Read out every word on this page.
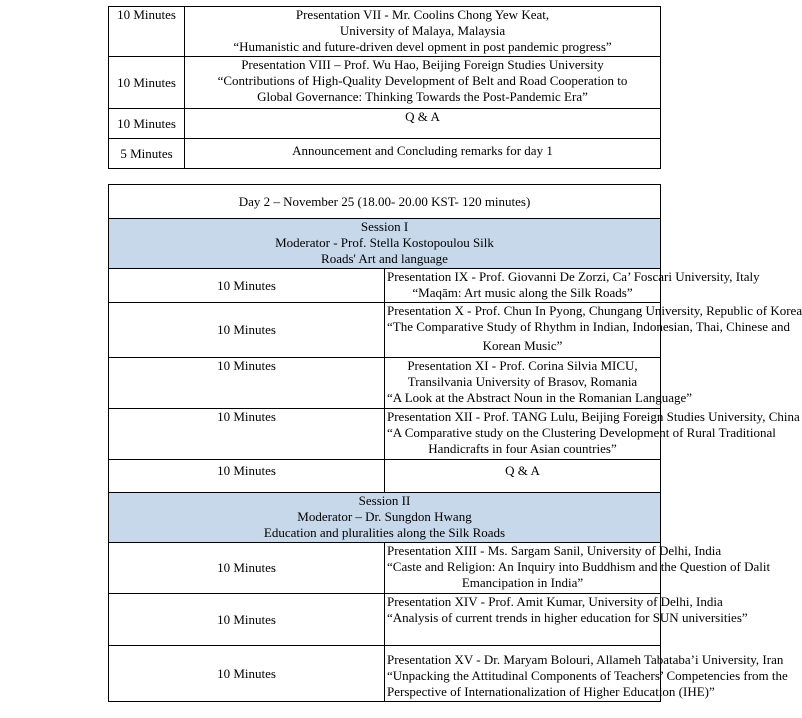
10 Minutes	Presentation VII - Mr. Coolins Chong Yew Keat,
University of Malaya, Malaysia
“Humanistic and future-driven devel opment in post pandemic progress”

10 Minutes	Presentation VIII – Prof. Wu Hao, Beijing Foreign Studies University
“Contributions of High-Quality Development of Belt and Road Cooperation to
Global Governance: Thinking Towards the Post-Pandemic Era”

10 Minutes	Q & A

5 Minutes	Announcement and Concluding remarks for day 1
Day 2 – November 25 (18.00- 20.00 KST- 120 minutes)	

Session I
Moderator - Prof. Stella Kostopoulou Silk
Roads' Art and language	

10 Minutes	Presentation IX - Prof. Giovanni De Zorzi, Ca’ Foscari University, Italy
“Maqām: Art music along the Silk Roads”

10 Minutes	Presentation X - Prof. Chun In Pyong, Chungang University, Republic of Korea
“The Comparative Study of Rhythm in Indian, Indonesian, Thai, Chinese and
Korean Music”

10 Minutes	Presentation XI - Prof. Corina Silvia MICU,
Transilvania University of Brasov, Romania
“A Look at the Abstract Noun in the Romanian Language”

10 Minutes	Presentation XII - Prof. TANG Lulu, Beijing Foreign Studies University, China
“A Comparative study on the Clustering Development of Rural Traditional
Handicrafts in four Asian countries”

10 Minutes	Q & A

Session II
Moderator – Dr. Sungdon Hwang
Education and pluralities along the Silk Roads	

10 Minutes	Presentation XIII - Ms. Sargam Sanil, University of Delhi, India
“Caste and Religion: An Inquiry into Buddhism and the Question of Dalit
Emancipation in India”

10 Minutes	Presentation XIV - Prof. Amit Kumar, University of Delhi, India
“Analysis of current trends in higher education for SUN universities”

10 Minutes	Presentation XV - Dr. Maryam Bolouri, Allameh Tabataba’i University, Iran
“Unpacking the Attitudinal Components of Teachers’ Competencies from the
Perspective of Internationalization of Higher Education (IHE)”
